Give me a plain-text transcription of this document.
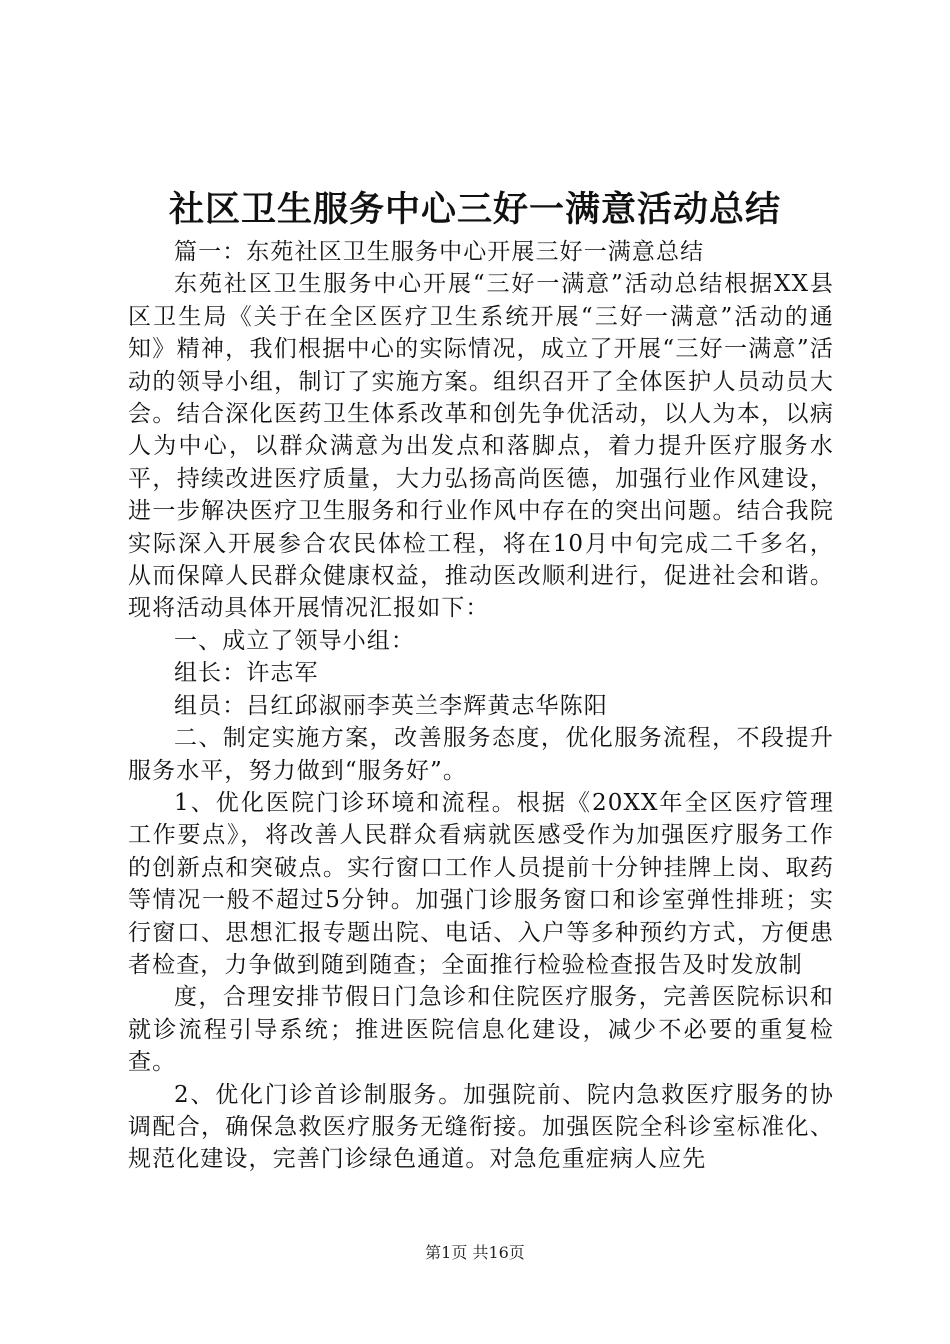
社区卫生服务中心三好一满意活动总结

篇一：东苑社区卫生服务中心开展三好一满意总结

东苑社区卫生服务中心开展“三好一满意”活动总结根据XX县区卫生局《关于在全区医疗卫生系统开展“三好一满意”活动的通知》精神，我们根据中心的实际情况，成立了开展“三好一满意”活动的领导小组，制订了实施方案。组织召开了全体医护人员动员大会。结合深化医药卫生体系改革和创先争优活动，以人为本，以病人为中心，以群众满意为出发点和落脚点，着力提升医疗服务水平，持续改进医疗质量，大力弘扬高尚医德，加强行业作风建设，进一步解决医疗卫生服务和行业作风中存在的突出问题。结合我院实际深入开展参合农民体检工程，将在10月中旬完成二千多名，从而保障人民群众健康权益，推动医改顺利进行，促进社会和谐。现将活动具体开展情况汇报如下：

一、成立了领导小组：

组长：许志军

组员：吕红邱淑丽李英兰李辉黄志华陈阳

二、制定实施方案，改善服务态度，优化服务流程，不段提升服务水平，努力做到“服务好”。

1、优化医院门诊环境和流程。根据《20XX年全区医疗管理工作要点》，将改善人民群众看病就医感受作为加强医疗服务工作的创新点和突破点。实行窗口工作人员提前十分钟挂牌上岗、取药等情况一般不超过5分钟。加强门诊服务窗口和诊室弹性排班；实行窗口、思想汇报专题出院、电话、入户等多种预约方式，方便患者检查，力争做到随到随查；全面推行检验检查报告及时发放制

度，合理安排节假日门急诊和住院医疗服务，完善医院标识和就诊流程引导系统；推进医院信息化建设，减少不必要的重复检查。

2、优化门诊首诊制服务。加强院前、院内急救医疗服务的协调配合，确保急救医疗服务无缝衔接。加强医院全科诊室标准化、规范化建设，完善门诊绿色通道。对急危重症病人应先

第1页 共16页
